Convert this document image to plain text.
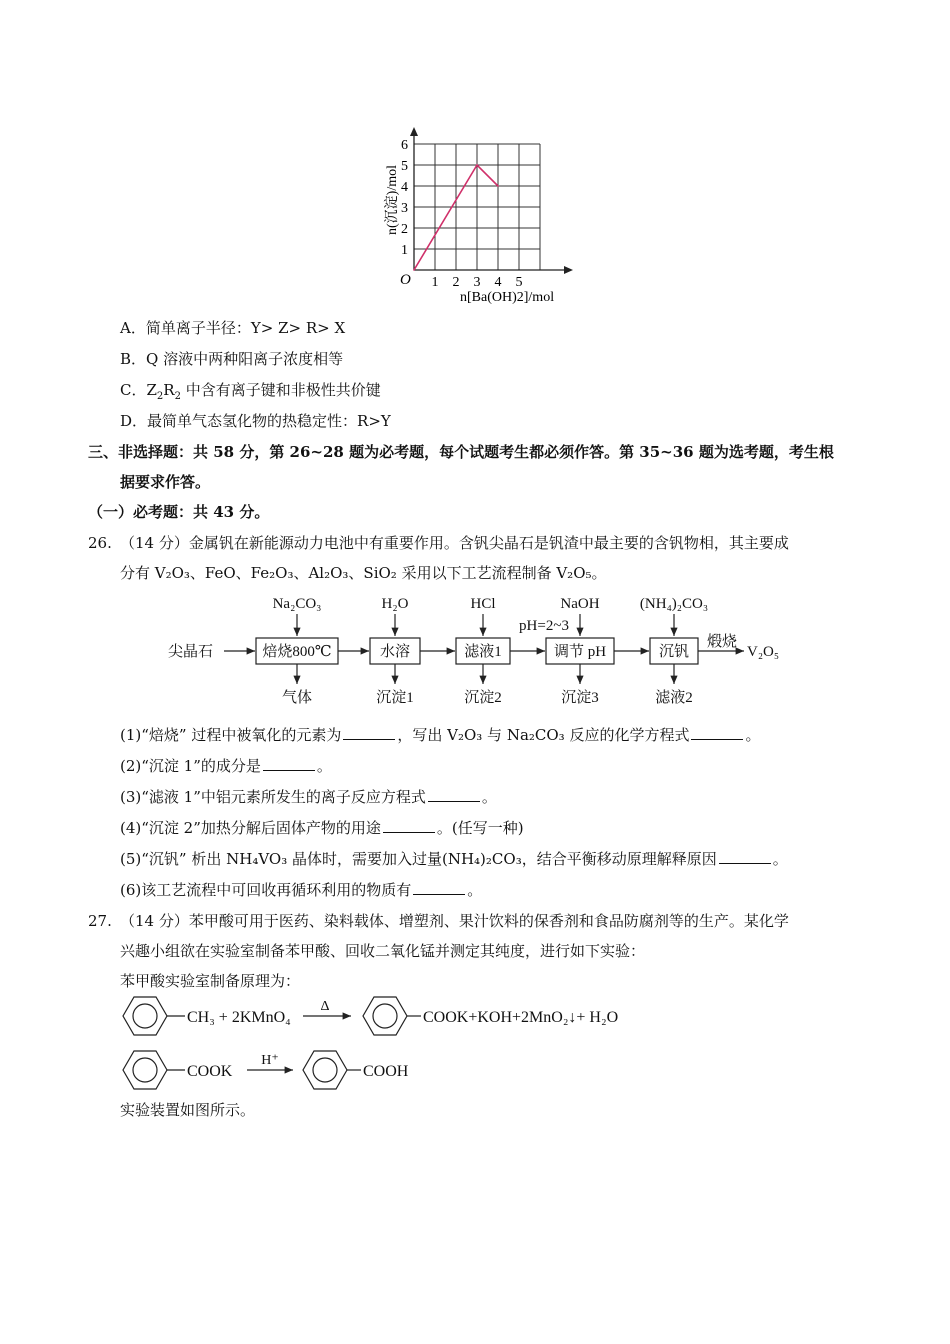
1 2 3 4 5
1
2
3
4
5
6
O
n[Ba(OH)2]/mol
n(沉淀)/mol
A．简单离子半径：Y> Z> R> X
B．Q 溶液中两种阳离子浓度相等
C．$Z_2R_2$ 中含有离子键和非极性共价键
D．最简单气态氢化物的热稳定性：R>Y
三、非选择题：共 58 分，第 26~28 题为必考题，每个试题考生都必须作答。第 35~36 题为选考题，考生根
据要求作答。
（一）必考题：共 43 分。
26. （14 分）金属钒在新能源动力电池中有重要作用。含钒尖晶石是钒渣中最主要的含钒物相，其主要成
分有 V₂O₃、FeO、Fe₂O₃、Al₂O₃、SiO₂ 采用以下工艺流程制备 V₂O₅。
尖晶石	焙烧800℃
Na₂CO₃
气体
水溶
H₂O
沉淀1
滤液1
HCl
pH=2~3
沉淀2
调节 pH
NaOH
沉淀3
沉钒
(NH₄)₂CO₃
滤液2
煅烧
V₂O₅
(1)“焙烧” 过程中被氧化的元素为	，写出 V₂O₃ 与 Na₂CO₃ 反应的化学方程式	。
(2)“沉淀 1”的成分是	。
(3)“滤液 1”中铝元素所发生的离子反应方程式	。
(4)“沉淀 2”加热分解后固体产物的用途	。(任写一种)
(5)“沉钒” 析出 NH₄VO₃ 晶体时，需要加入过量(NH₄)₂CO₃，结合平衡移动原理解释原因	。
(6)该工艺流程中可回收再循环利用的物质有	。
27. （14 分）苯甲酸可用于医药、染料载体、增塑剂、果汁饮料的保香剂和食品防腐剂等的生产。某化学
兴趣小组欲在实验室制备苯甲酸、回收二氧化锰并测定其纯度，进行如下实验：
苯甲酸实验室制备原理为：
CH₃ + 2KMnO₄
Δ
COOK+KOH+2MnO₂↓+ H₂O
COOK
H⁺
COOH
实验装置如图所示。
